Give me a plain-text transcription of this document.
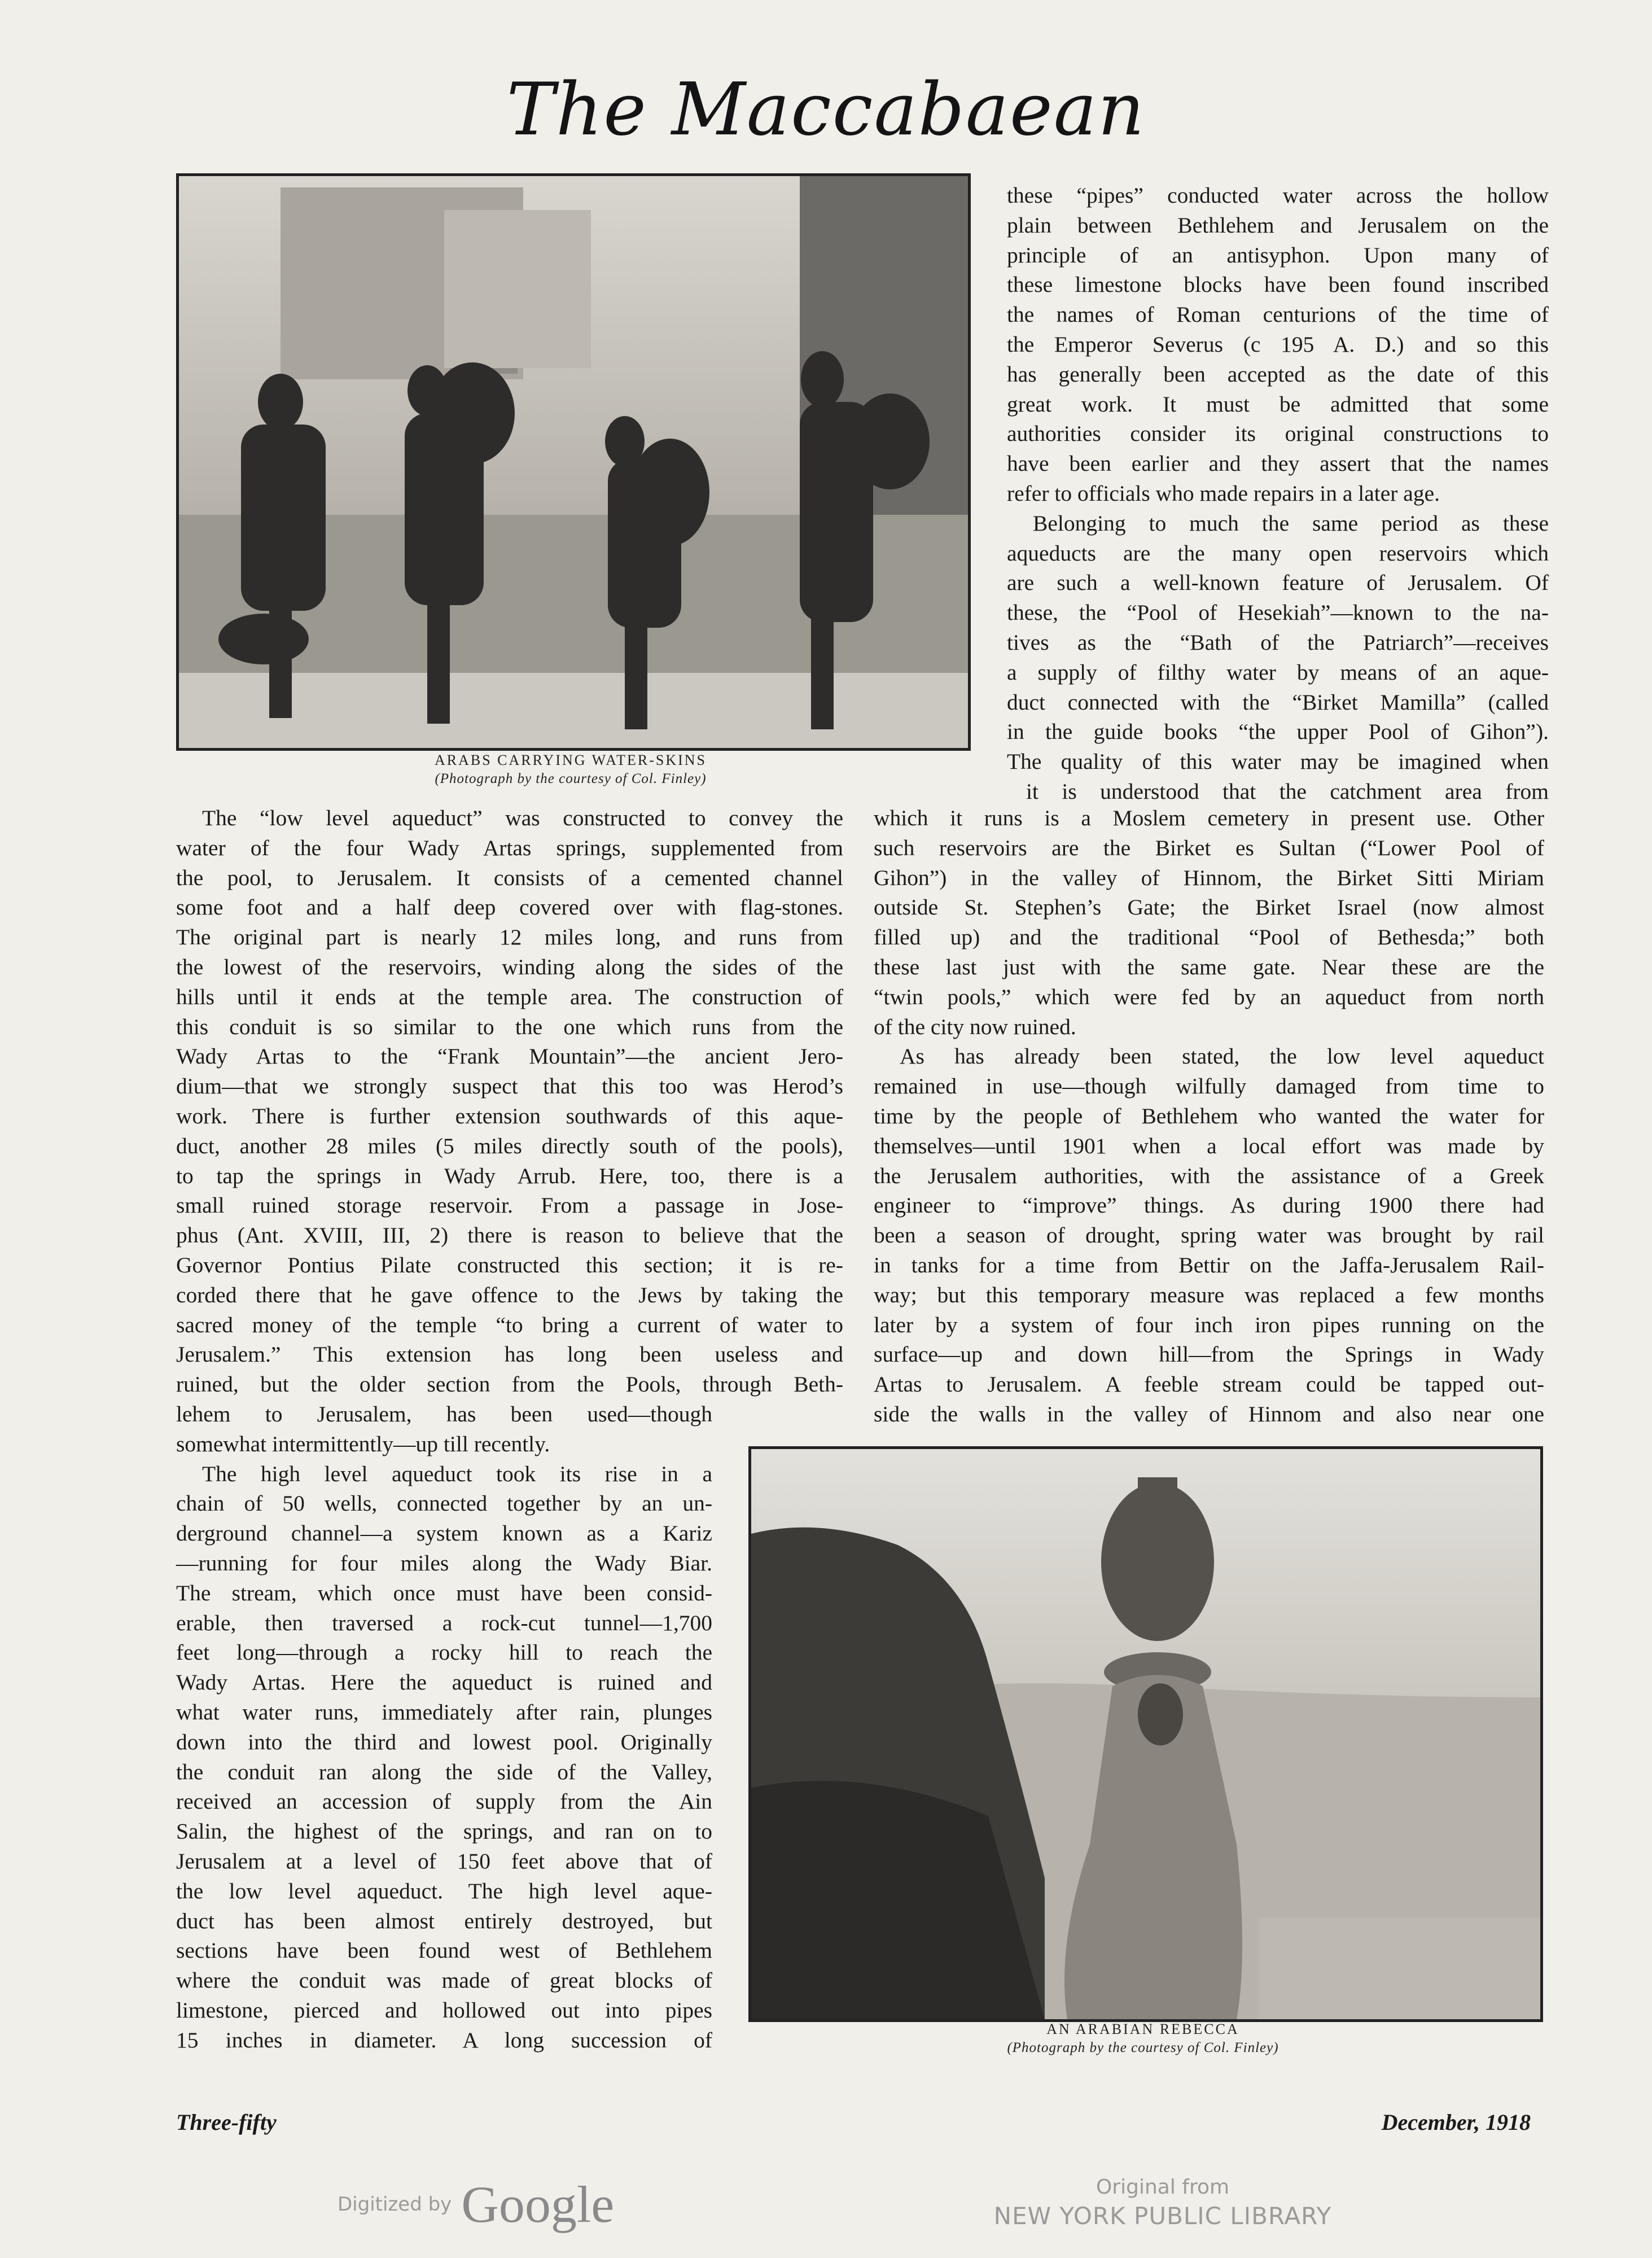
The Maccabaean
ARABS CARRYING WATER-SKINS
(Photograph by the courtesy of Col. Finley)

these “pipes” conducted water across the hollow
plain between Bethlehem and Jerusalem on the
principle of an antisyphon. Upon many of
these limestone blocks have been found inscribed
the names of Roman centurions of the time of
the Emperor Severus (c 195 A. D.) and so this
has generally been accepted as the date of this
great work. It must be admitted that some
authorities consider its original constructions to
have been earlier and they assert that the names
refer to officials who made repairs in a later age.

Belonging to much the same period as these
aqueducts are the many open reservoirs which
are such a well-known feature of Jerusalem. Of
these, the “Pool of Hesekiah”—known to the na-
tives as the “Bath of the Patriarch”—receives
a supply of filthy water by means of an aque-
duct connected with the “Birket Mamilla” (called
in the guide books “the upper Pool of Gihon”).
The quality of this water may be imagined when
it is understood that the catchment area from

The “low level aqueduct” was constructed to convey the
water of the four Wady Artas springs, supplemented from
the pool, to Jerusalem. It consists of a cemented channel
some foot and a half deep covered over with flag-stones.
The original part is nearly 12 miles long, and runs from
the lowest of the reservoirs, winding along the sides of the
hills until it ends at the temple area. The construction of
this conduit is so similar to the one which runs from the
Wady Artas to the “Frank Mountain”—the ancient Jero-
dium—that we strongly suspect that this too was Herod’s
work. There is further extension southwards of this aque-
duct, another 28 miles (5 miles directly south of the pools),
to tap the springs in Wady Arrub. Here, too, there is a
small ruined storage reservoir. From a passage in Jose-
phus (Ant. XVIII, III, 2) there is reason to believe that the
Governor Pontius Pilate constructed this section; it is re-
corded there that he gave offence to the Jews by taking the
sacred money of the temple “to bring a current of water to
Jerusalem.” This extension has long been useless and
ruined, but the older section from the Pools, through Beth-

lehem to Jerusalem, has been used—though
somewhat intermittently—up till recently.

The high level aqueduct took its rise in a
chain of 50 wells, connected together by an un-
derground channel—a system known as a Kariz
—running for four miles along the Wady Biar.
The stream, which once must have been consid-
erable, then traversed a rock-cut tunnel—1,700
feet long—through a rocky hill to reach the
Wady Artas. Here the aqueduct is ruined and
what water runs, immediately after rain, plunges
down into the third and lowest pool. Originally
the conduit ran along the side of the Valley,
received an accession of supply from the Ain
Salin, the highest of the springs, and ran on to
Jerusalem at a level of 150 feet above that of
the low level aqueduct. The high level aque-
duct has been almost entirely destroyed, but
sections have been found west of Bethlehem
where the conduit was made of great blocks of
limestone, pierced and hollowed out into pipes
15 inches in diameter. A long succession of

which it runs is a Moslem cemetery in present use. Other
such reservoirs are the Birket es Sultan (“Lower Pool of
Gihon”) in the valley of Hinnom, the Birket Sitti Miriam
outside St. Stephen’s Gate; the Birket Israel (now almost
filled up) and the traditional “Pool of Bethesda;” both
these last just with the same gate. Near these are the
“twin pools,” which were fed by an aqueduct from north
of the city now ruined.

As has already been stated, the low level aqueduct
remained in use—though wilfully damaged from time to
time by the people of Bethlehem who wanted the water for
themselves—until 1901 when a local effort was made by
the Jerusalem authorities, with the assistance of a Greek
engineer to “improve” things. As during 1900 there had
been a season of drought, spring water was brought by rail
in tanks for a time from Bettir on the Jaffa-Jerusalem Rail-
way; but this temporary measure was replaced a few months
later by a system of four inch iron pipes running on the
surface—up and down hill—from the Springs in Wady
Artas to Jerusalem. A feeble stream could be tapped out-
side the walls in the valley of Hinnom and also near one

AN ARABIAN REBECCA
(Photograph by the courtesy of Col. Finley)
Three-fifty	December, 1918
Digitized by Google	Original from
NEW YORK PUBLIC LIBRARY
